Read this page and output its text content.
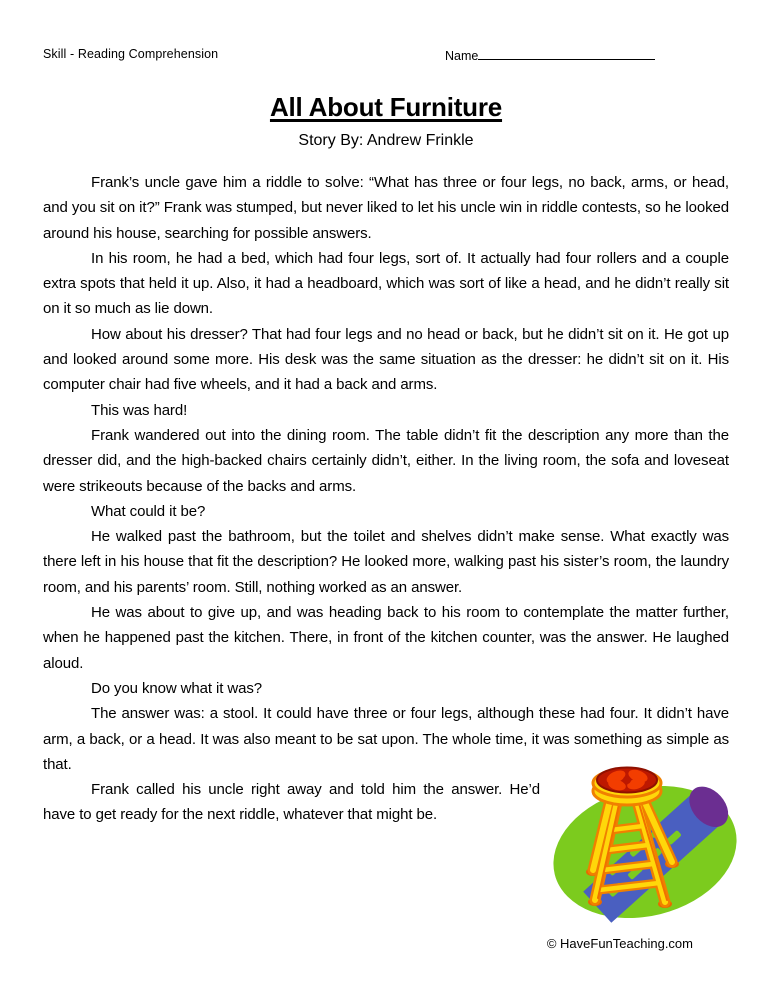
Skill - Reading Comprehension	Name
All About Furniture
Story By: Andrew Frinkle

Frank’s uncle gave him a riddle to solve: “What has three or four legs, no back, arms, or head, and you sit on it?” Frank was stumped, but never liked to let his uncle win in riddle contests, so he looked around his house, searching for possible answers.

In his room, he had a bed, which had four legs, sort of. It actually had four rollers and a couple extra spots that held it up. Also, it had a headboard, which was sort of like a head, and he didn’t really sit on it so much as lie down.

How about his dresser? That had four legs and no head or back, but he didn’t sit on it. He got up and looked around some more. His desk was the same situation as the dresser: he didn’t sit on it. His computer chair had five wheels, and it had a back and arms.

This was hard!

Frank wandered out into the dining room. The table didn’t fit the description any more than the dresser did, and the high-backed chairs certainly didn’t, either. In the living room, the sofa and loveseat were strikeouts because of the backs and arms.

What could it be?

He walked past the bathroom, but the toilet and shelves didn’t make sense. What exactly was there left in his house that fit the description? He looked more, walking past his sister’s room, the laundry room, and his parents’ room. Still, nothing worked as an answer.

He was about to give up, and was heading back to his room to contemplate the matter further, when he happened past the kitchen. There, in front of the kitchen counter, was the answer. He laughed aloud.

Do you know what it was?

The answer was: a stool. It could have three or four legs, although these had four. It didn’t have arm, a back, or a head. It was also meant to be sat upon. The whole time, it was something as simple as that.

Frank called his uncle right away and told him the answer. He’d have to get ready for the next riddle, whatever that might be.

© HaveFunTeaching.com
